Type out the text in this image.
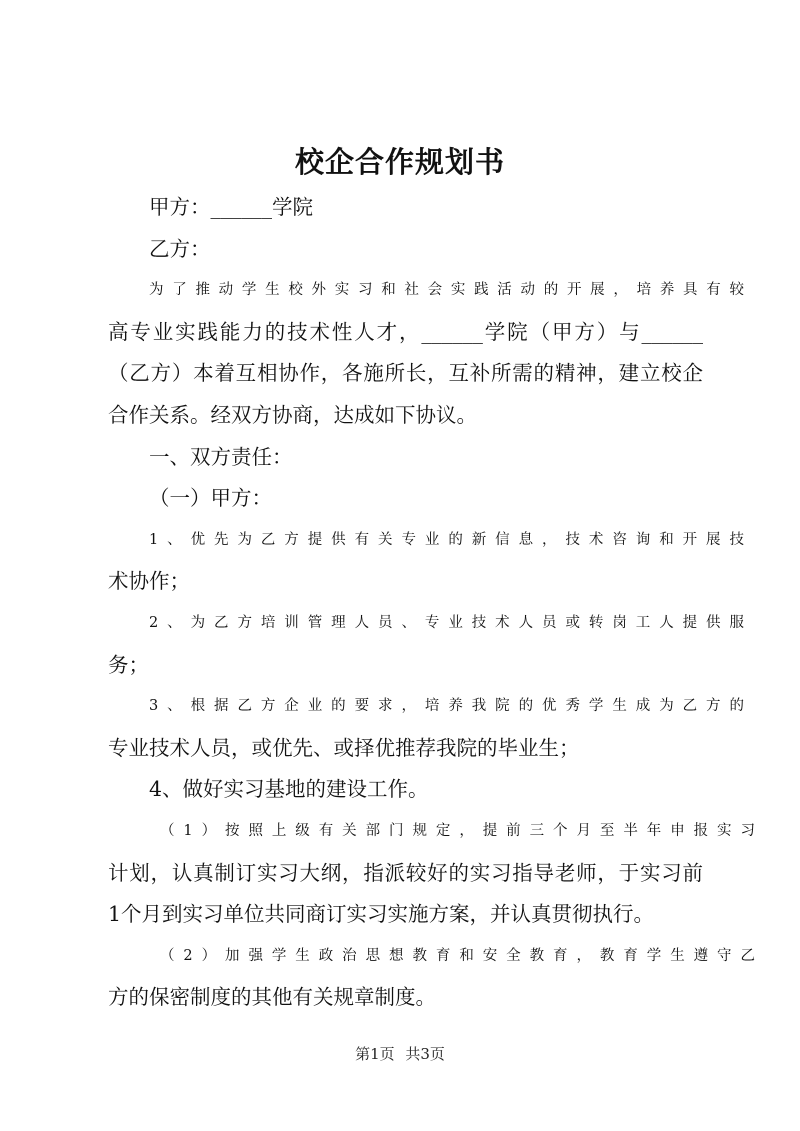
校企合作规划书
甲方：______学院
乙方：
为了推动学生校外实习和社会实践活动的开展，培养具有较
高专业实践能力的技术性人才，______学院（甲方）与______
（乙方）本着互相协作，各施所长，互补所需的精神，建立校企
合作关系。经双方协商，达成如下协议。
一、双方责任：
（一）甲方：
1、优先为乙方提供有关专业的新信息，技术咨询和开展技
术协作；
2、为乙方培训管理人员、专业技术人员或转岗工人提供服
务；
3、根据乙方企业的要求，培养我院的优秀学生成为乙方的
专业技术人员，或优先、或择优推荐我院的毕业生；
4、做好实习基地的建设工作。
（1）按照上级有关部门规定，提前三个月至半年申报实习
计划，认真制订实习大纲，指派较好的实习指导老师，于实习前
1个月到实习单位共同商订实习实施方案，并认真贯彻执行。
（2）加强学生政治思想教育和安全教育，教育学生遵守乙
方的保密制度的其他有关规章制度。
第1页 共3页
